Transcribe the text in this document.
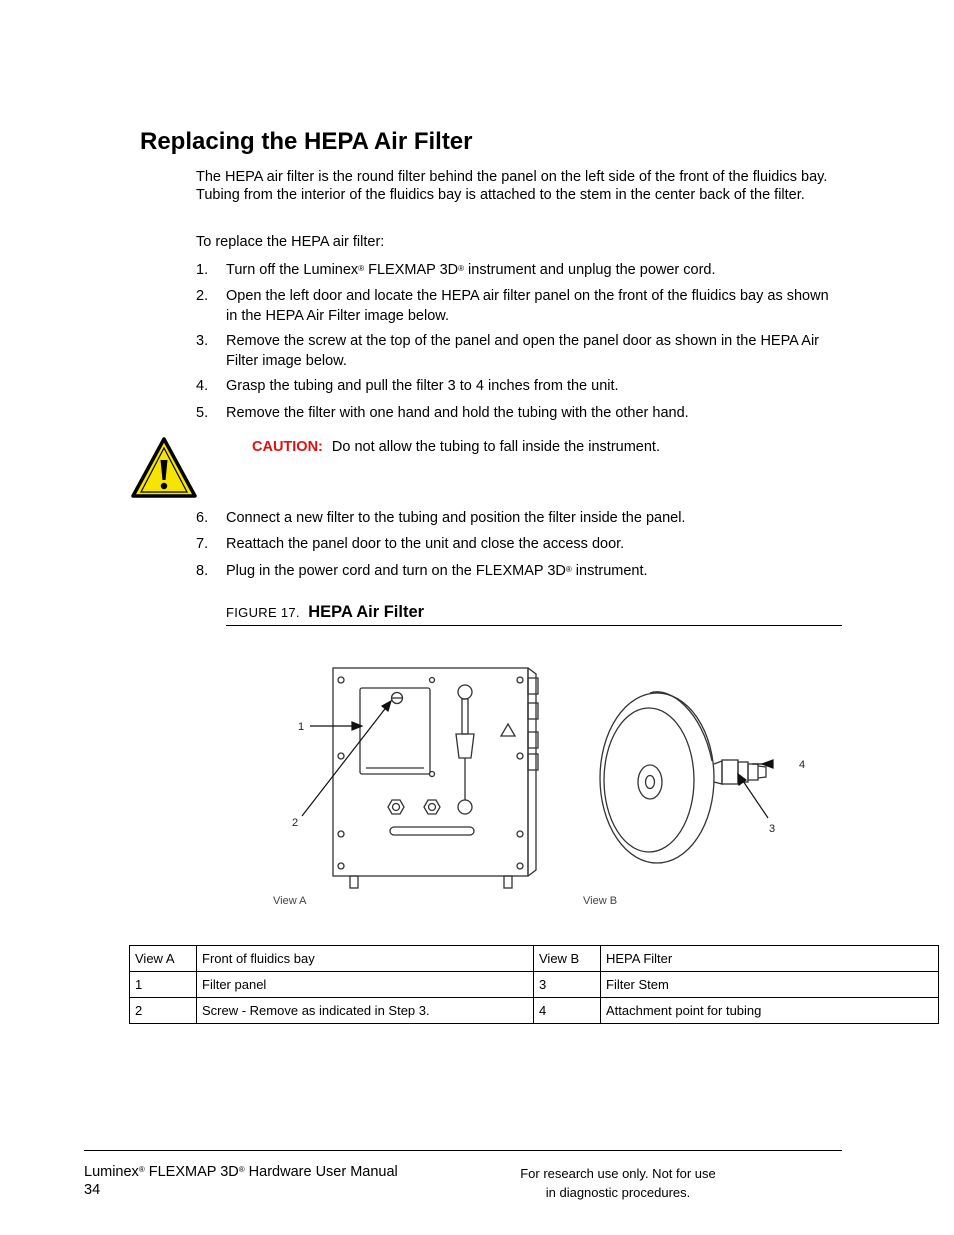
Replacing the HEPA Air Filter

The HEPA air filter is the round filter behind the panel on the left side of the front of the fluidics bay. Tubing from the interior of the fluidics bay is attached to the stem in the center back of the filter.

To replace the HEPA air filter:

1.	Turn off the Luminex® FLEXMAP 3D® instrument and unplug the power cord.
2.	Open the left door and locate the HEPA air filter panel on the front of the fluidics bay as shown in the HEPA Air Filter image below.
3.	Remove the screw at the top of the panel and open the panel door as shown in the HEPA Air Filter image below.
4.	Grasp the tubing and pull the filter 3 to 4 inches from the unit.
5.	Remove the filter with one hand and hold the tubing with the other hand.
CAUTION: Do not allow the tubing to fall inside the instrument.
6.	Connect a new filter to the tubing and position the filter inside the panel.
7.	Reattach the panel door to the unit and close the access door.
8.	Plug in the power cord and turn on the FLEXMAP 3D® instrument.
FIGURE 17. HEPA Air Filter
1
2	3
4
View A	View B
View A	Front of fluidics bay	View B	HEPA Filter
1	Filter panel	3	Filter Stem
2	Screw - Remove as indicated in Step 3.	4	Attachment point for tubing
Luminex® FLEXMAP 3D® Hardware User Manual
34
For research use only. Not for use
in diagnostic procedures.
